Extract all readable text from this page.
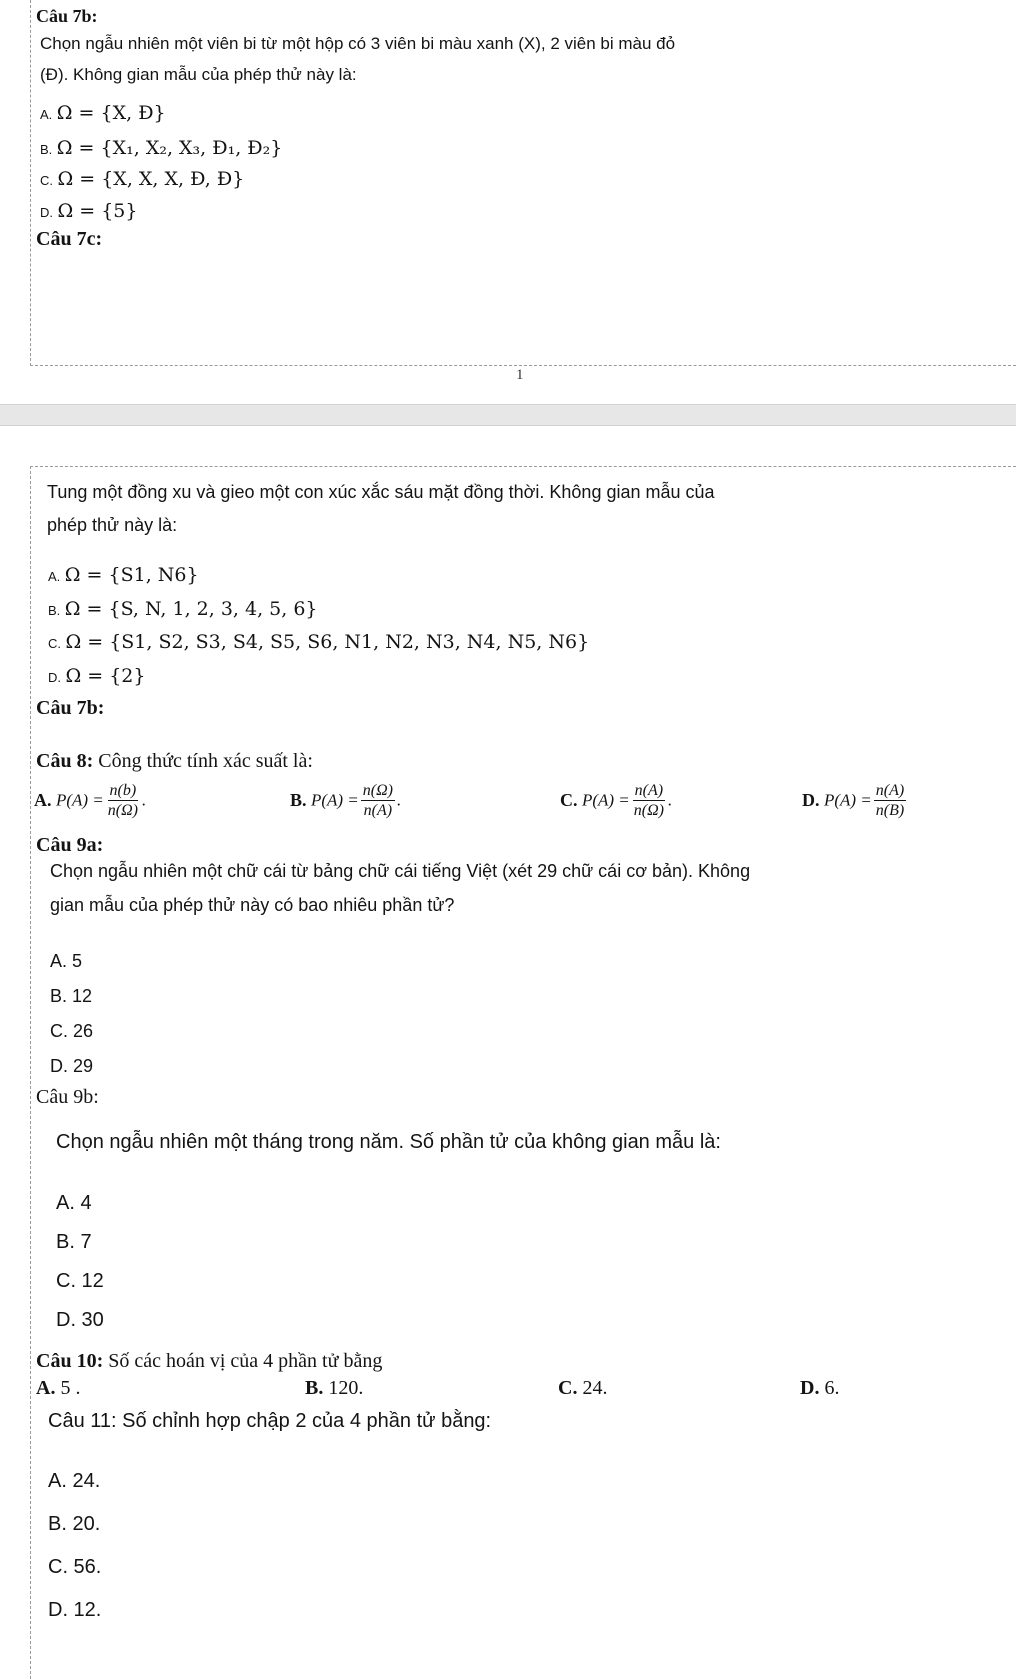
1
Câu 7b:
Chọn ngẫu nhiên một viên bi từ một hộp có 3 viên bi màu xanh (X), 2 viên bi màu đỏ
(Đ). Không gian mẫu của phép thử này là:
A. Ω = {X, Đ}
B. Ω = {X₁, X₂, X₃, Đ₁, Đ₂}
C. Ω = {X, X, X, Đ, Đ}
D. Ω = {5}
Câu 7c:
Tung một đồng xu và gieo một con xúc xắc sáu mặt đồng thời. Không gian mẫu của
phép thử này là:
A. Ω = {S1, N6}
B. Ω = {S, N, 1, 2, 3, 4, 5, 6}
C. Ω = {S1, S2, S3, S4, S5, S6, N1, N2, N3, N4, N5, N6}
D. Ω = {2}
Câu 7b:
Câu 8: Công thức tính xác suất là:
A. $P(A) = \frac{n(b)}{n(\Omega)}$ .	B. $P(A) = \frac{n(\Omega)}{n(A)}$ .	C. $P(A) = \frac{n(A)}{n(\Omega)}$ .	D. $P(A) = \frac{n(A)}{n(B)}$
Câu 9a:
Chọn ngẫu nhiên một chữ cái từ bảng chữ cái tiếng Việt (xét 29 chữ cái cơ bản). Không
gian mẫu của phép thử này có bao nhiêu phần tử?
A. 5
B. 12
C. 26
D. 29
Câu 9b:
Chọn ngẫu nhiên một tháng trong năm. Số phần tử của không gian mẫu là:
A. 4
B. 7
C. 12
D. 30
Câu 10: Số các hoán vị của 4 phần tử bằng
A. 5 .	B. 120.	C. 24.	D. 6.
Câu 11: Số chỉnh hợp chập 2 của 4 phần tử bằng:
A. 24.
B. 20.
C. 56.
D. 12.
